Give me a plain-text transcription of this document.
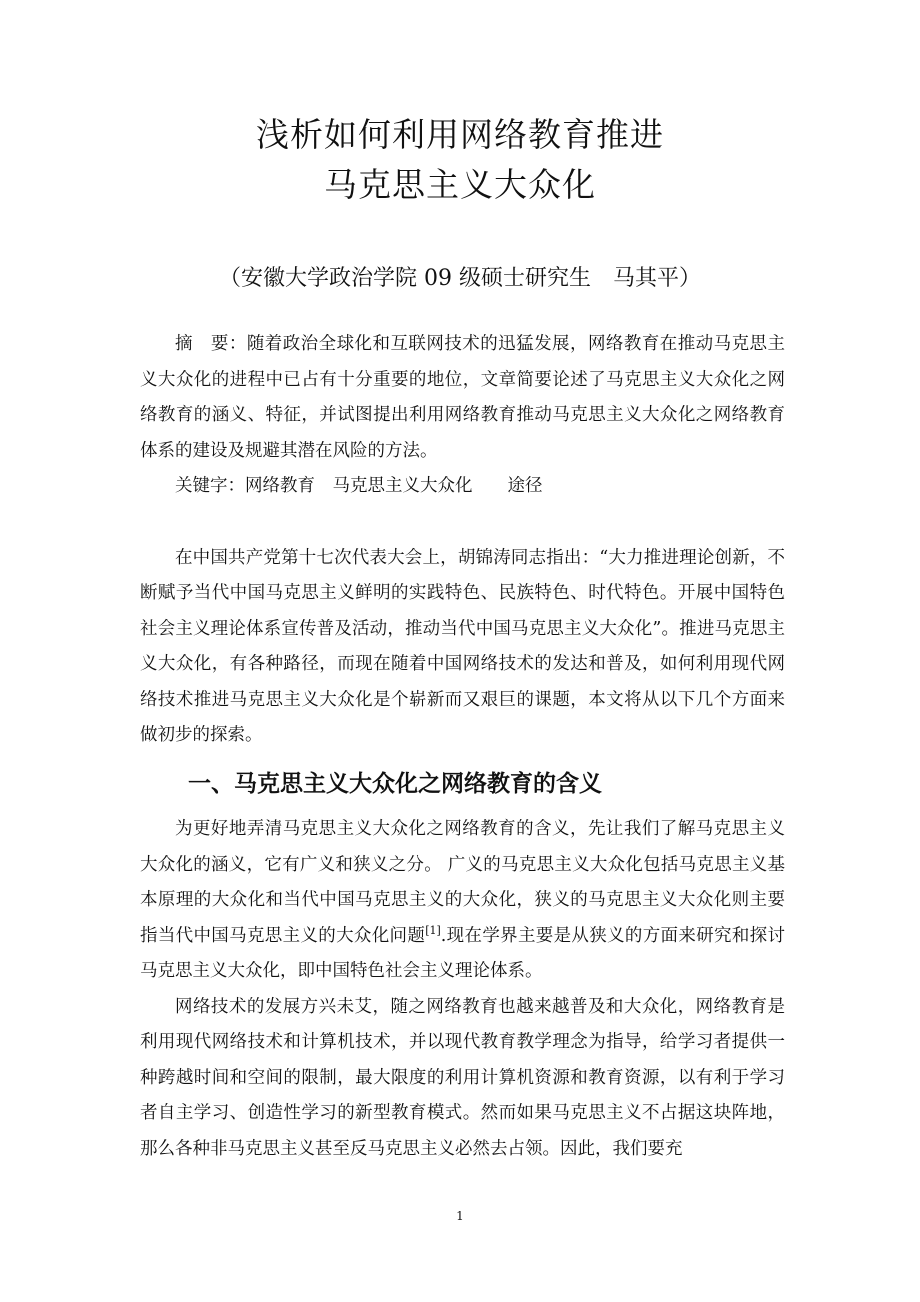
浅析如何利用网络教育推进
马克思主义大众化
（安徽大学政治学院 09 级硕士研究生　马其平）

摘　要：随着政治全球化和互联网技术的迅猛发展，网络教育在推动马克思主义大众化的进程中已占有十分重要的地位，文章简要论述了马克思主义大众化之网络教育的涵义、特征，并试图提出利用网络教育推动马克思主义大众化之网络教育体系的建设及规避其潜在风险的方法。

关键字：网络教育　马克思主义大众化　　途径

在中国共产党第十七次代表大会上，胡锦涛同志指出：“大力推进理论创新，不断赋予当代中国马克思主义鲜明的实践特色、民族特色、时代特色。开展中国特色社会主义理论体系宣传普及活动，推动当代中国马克思主义大众化”。推进马克思主义大众化，有各种路径，而现在随着中国网络技术的发达和普及，如何利用现代网络技术推进马克思主义大众化是个崭新而又艰巨的课题，本文将从以下几个方面来做初步的探索。

一、马克思主义大众化之网络教育的含义

为更好地弄清马克思主义大众化之网络教育的含义，先让我们了解马克思主义大众化的涵义，它有广义和狭义之分。 广义的马克思主义大众化包括马克思主义基本原理的大众化和当代中国马克思主义的大众化，狭义的马克思主义大众化则主要指当代中国马克思主义的大众化问题[1].现在学界主要是从狭义的方面来研究和探讨马克思主义大众化，即中国特色社会主义理论体系。

网络技术的发展方兴未艾，随之网络教育也越来越普及和大众化，网络教育是利用现代网络技术和计算机技术，并以现代教育教学理念为指导，给学习者提供一种跨越时间和空间的限制，最大限度的利用计算机资源和教育资源，以有利于学习者自主学习、创造性学习的新型教育模式。然而如果马克思主义不占据这块阵地，那么各种非马克思主义甚至反马克思主义必然去占领。因此，我们要充

1
